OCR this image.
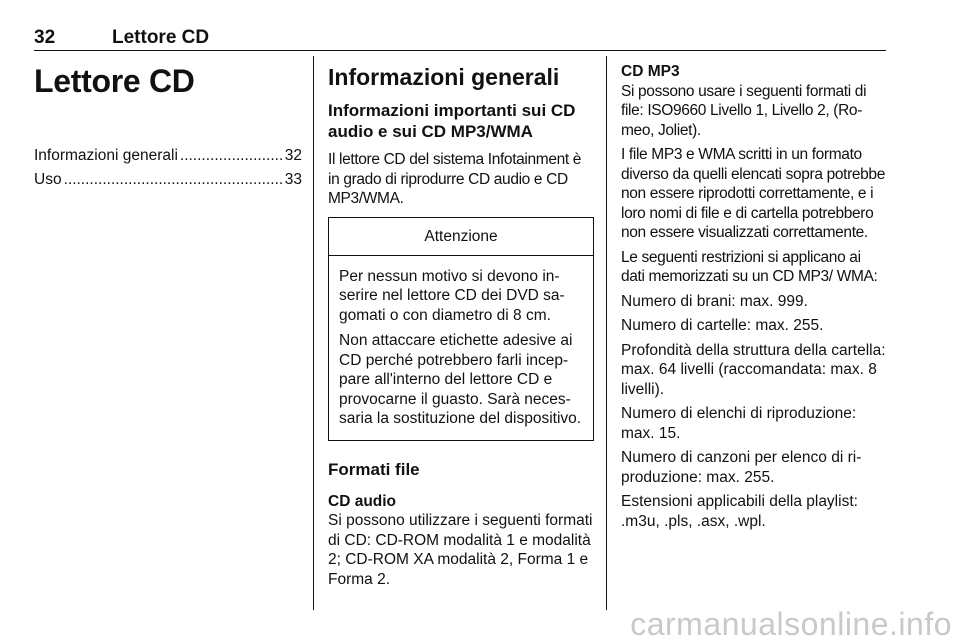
32	Lettore CD
Lettore CD
Informazioni generali .....	32
Uso .....	33
Informazioni generali
Informazioni importanti sui CD audio e sui CD MP3/WMA

Il lettore CD del sistema Infotainment è in grado di riprodurre CD audio e CD MP3/WMA.

Attenzione

Per nessun motivo si devono inserire nel lettore CD dei DVD sagomati o con diametro di 8 cm.

Non attaccare etichette adesive ai CD perché potrebbero farli inceppare all'interno del lettore CD e provocarne il guasto. Sarà necessaria la sostituzione del dispositivo.

Formati file
CD audio

Si possono utilizzare i seguenti formati di CD: CD-ROM modalità 1 e modalità 2; CD-ROM XA modalità 2, Forma 1 e Forma 2.

CD MP3

Si possono usare i seguenti formati di file: ISO9660 Livello 1, Livello 2, (Romeo, Joliet).

I file MP3 e WMA scritti in un formato diverso da quelli elencati sopra potrebbe non essere riprodotti correttamente, e i loro nomi di file e di cartella potrebbero non essere visualizzati correttamente.

Le seguenti restrizioni si applicano ai dati memorizzati su un CD MP3/ WMA:

Numero di brani: max. 999.

Numero di cartelle: max. 255.

Profondità della struttura della cartella: max. 64 livelli (raccomandata: max. 8 livelli).

Numero di elenchi di riproduzione: max. 15.

Numero di canzoni per elenco di riproduzione: max. 255.

Estensioni applicabili della playlist: .m3u, .pls, .asx, .wpl.

carmanualsonline.info
